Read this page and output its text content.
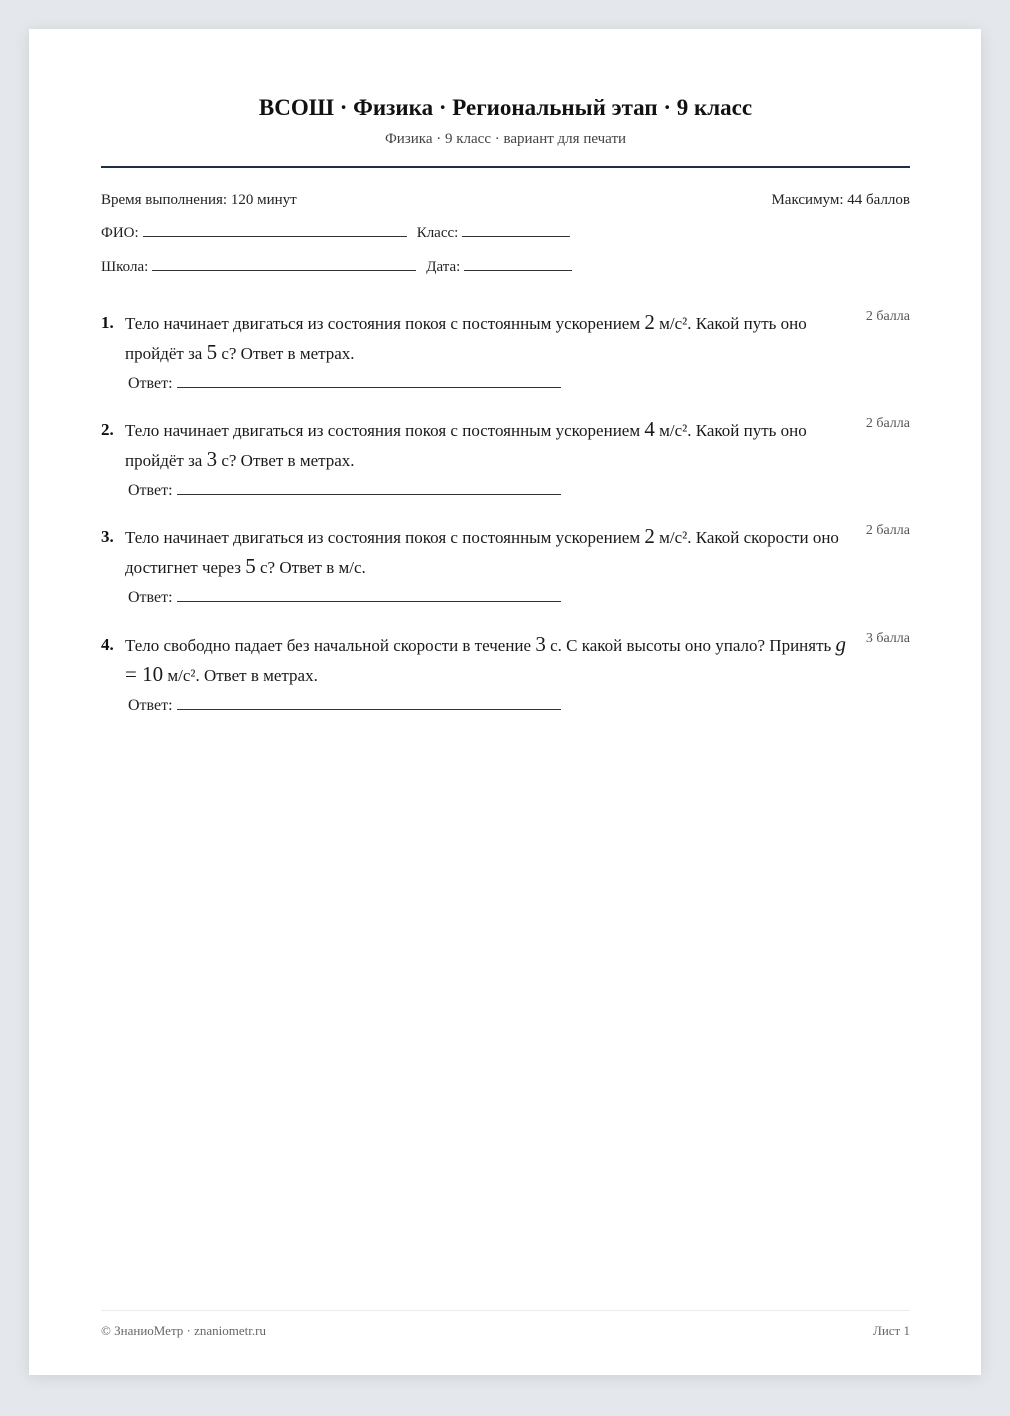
ВСОШ · Физика · Региональный этап · 9 класс
Физика · 9 класс · вариант для печати
Время выполнения: 120 минут	Максимум: 44 баллов
ФИО:	Класс:
Школа:	Дата:
1. Тело начинает двигаться из состояния покоя с постоянным ускорением 2 м/с². Какой путь оно пройдёт за 5 с? Ответ в метрах.
2 балла
Ответ:
2. Тело начинает двигаться из состояния покоя с постоянным ускорением 4 м/с². Какой путь оно пройдёт за 3 с? Ответ в метрах.
2 балла
Ответ:
3. Тело начинает двигаться из состояния покоя с постоянным ускорением 2 м/с². Какой скорости оно достигнет через 5 с? Ответ в м/с.
2 балла
Ответ:
4. Тело свободно падает без начальной скорости в течение 3 с. С какой высоты оно упало? Принять g = 10 м/с². Ответ в метрах.
3 балла
Ответ:
© ЗнаниоМетр · znaniometr.ru	Лист 1
